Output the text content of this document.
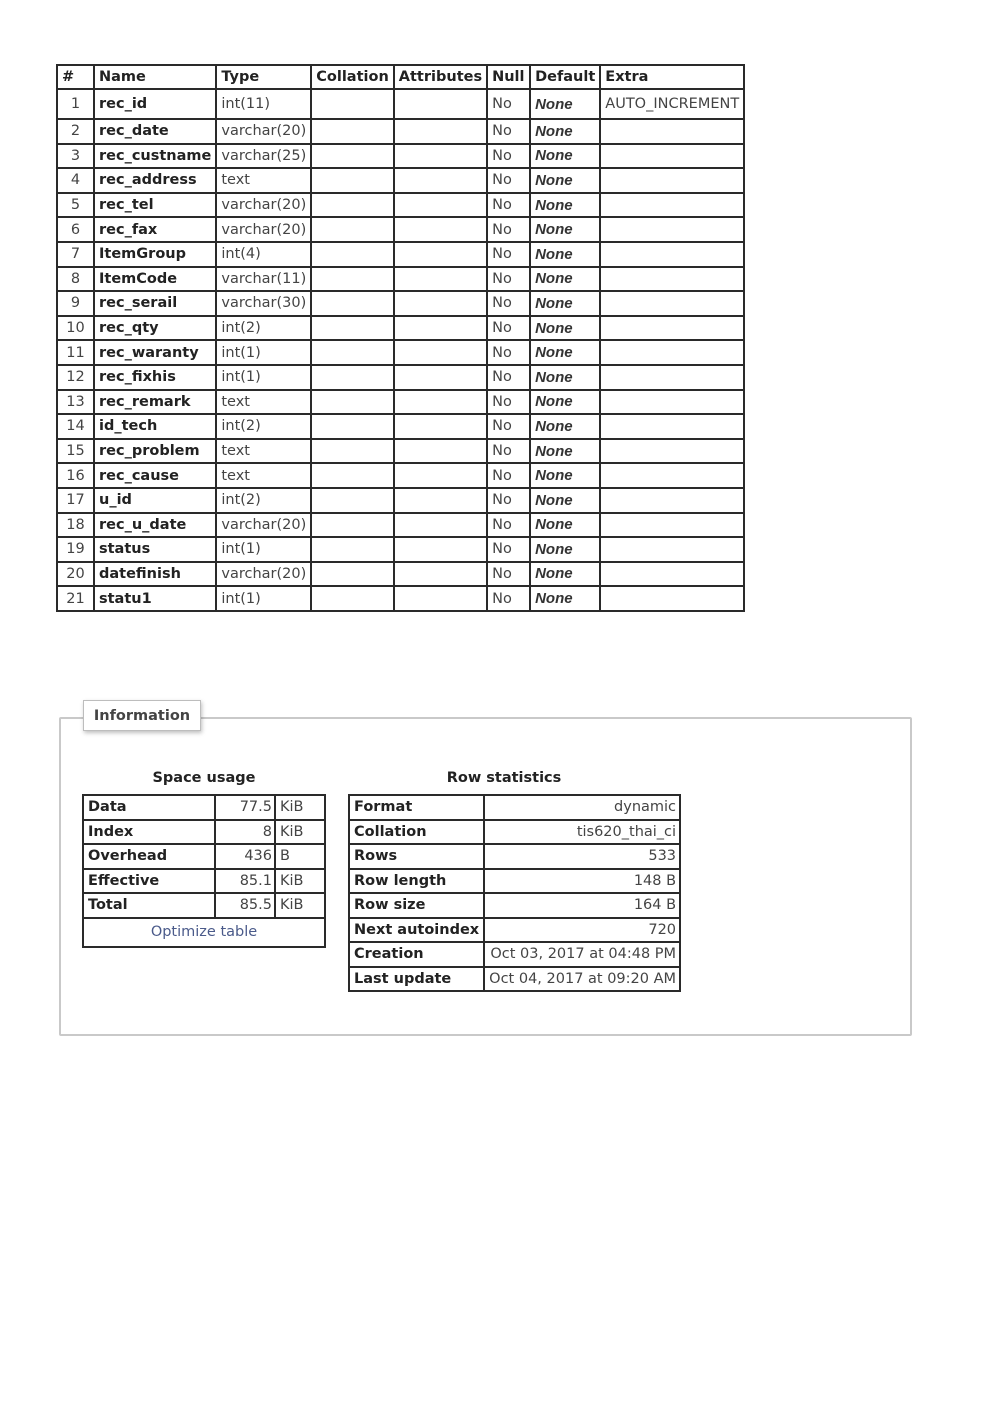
#	Name	Type	Collation	Attributes	Null	Default	Extra
1	rec_id	int(11)			No	None	AUTO_INCREMENT
2	rec_date	varchar(20)			No	None	
3	rec_custname	varchar(25)			No	None	
4	rec_address	text			No	None	
5	rec_tel	varchar(20)			No	None	
6	rec_fax	varchar(20)			No	None	
7	ItemGroup	int(4)			No	None	
8	ItemCode	varchar(11)			No	None	
9	rec_serail	varchar(30)			No	None	
10	rec_qty	int(2)			No	None	
11	rec_waranty	int(1)			No	None	
12	rec_fixhis	int(1)			No	None	
13	rec_remark	text			No	None	
14	id_tech	int(2)			No	None	
15	rec_problem	text			No	None	
16	rec_cause	text			No	None	
17	u_id	int(2)			No	None	
18	rec_u_date	varchar(20)			No	None	
19	status	int(1)			No	None	
20	datefinish	varchar(20)			No	None	
21	statu1	int(1)			No	None	
Information
Space usage
Data	77.5	KiB
Index	8	KiB
Overhead	436	B
Effective	85.1	KiB
Total	85.5	KiB
Optimize table		
Row statistics
Format	dynamic
Collation	tis620_thai_ci
Rows	533
Row length	148 B
Row size	164 B
Next autoindex	720
Creation	Oct 03, 2017 at 04:48 PM
Last update	Oct 04, 2017 at 09:20 AM
